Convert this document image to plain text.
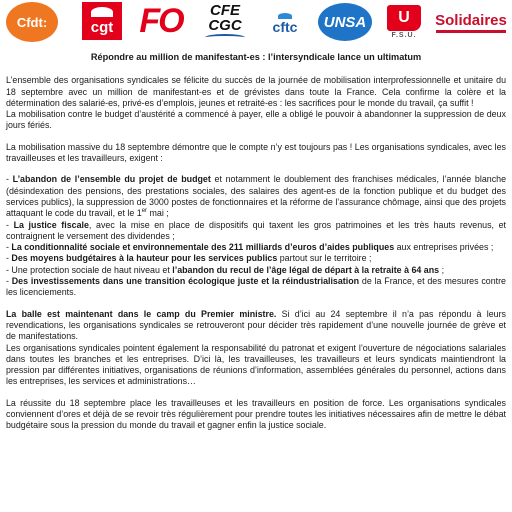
Cfdt:	cgt FO CFE
CGC cftc UNSA	U
F.S.U.
Solidaires

Répondre au million de manifestant-es : l’intersyndicale lance un ultimatum

L’ensemble des organisations syndicales se félicite du succès de la journée de mobilisation interprofessionnelle et unitaire du 18 septembre avec un million de manifestant-es et de grévistes dans toute la France. Cela confirme la colère et la détermination des salarié-es, privé-es d’emplois, jeunes et retraité-es : les sacrifices pour le monde du travail, ça suffit !

La mobilisation contre le budget d’austérité a commencé à payer, elle a obligé le pouvoir à abandonner la suppression de deux jours fériés.

La mobilisation massive du 18 septembre démontre que le compte n’y est toujours pas ! Les organisations syndicales, avec les travailleuses et les travailleurs, exigent :

- L’abandon de l’ensemble du projet de budget et notamment le doublement des franchises médicales, l’année blanche (désindexation des pensions, des prestations sociales, des salaires des agent-es de la fonction publique et du budget des services publics), la suppression de 3000 postes de fonctionnaires et la réforme de l’assurance chômage, ainsi que des projets attaquant le code du travail, et le 1er mai ;

- La justice fiscale, avec la mise en place de dispositifs qui taxent les gros patrimoines et les très hauts revenus, et contraignent le versement des dividendes ;

- La conditionnalité sociale et environnementale des 211 milliards d’euros d’aides publiques aux entreprises privées ;

- Des moyens budgétaires à la hauteur pour les services publics partout sur le territoire ;

- Une protection sociale de haut niveau et l’abandon du recul de l’âge légal de départ à la retraite à 64 ans ;

- Des investissements dans une transition écologique juste et la réindustrialisation de la France, et des mesures contre les licenciements.

La balle est maintenant dans le camp du Premier ministre. Si d’ici au 24 septembre il n’a pas répondu à leurs revendications, les organisations syndicales se retrouveront pour décider très rapidement d’une nouvelle journée de grève et de manifestations.

Les organisations syndicales pointent également la responsabilité du patronat et exigent l’ouverture de négociations salariales dans toutes les branches et les entreprises. D’ici là, les travailleuses, les travailleurs et leurs syndicats maintiendront la pression par différentes initiatives, organisations de réunions d’information, assemblées générales du personnel, actions dans les entreprises, les services et administrations…

La réussite du 18 septembre place les travailleuses et les travailleurs en position de force. Les organisations syndicales conviennent d’ores et déjà de se revoir très régulièrement pour prendre toutes les initiatives nécessaires afin de mettre le débat budgétaire sous la pression du monde du travail et gagner enfin la justice sociale.
